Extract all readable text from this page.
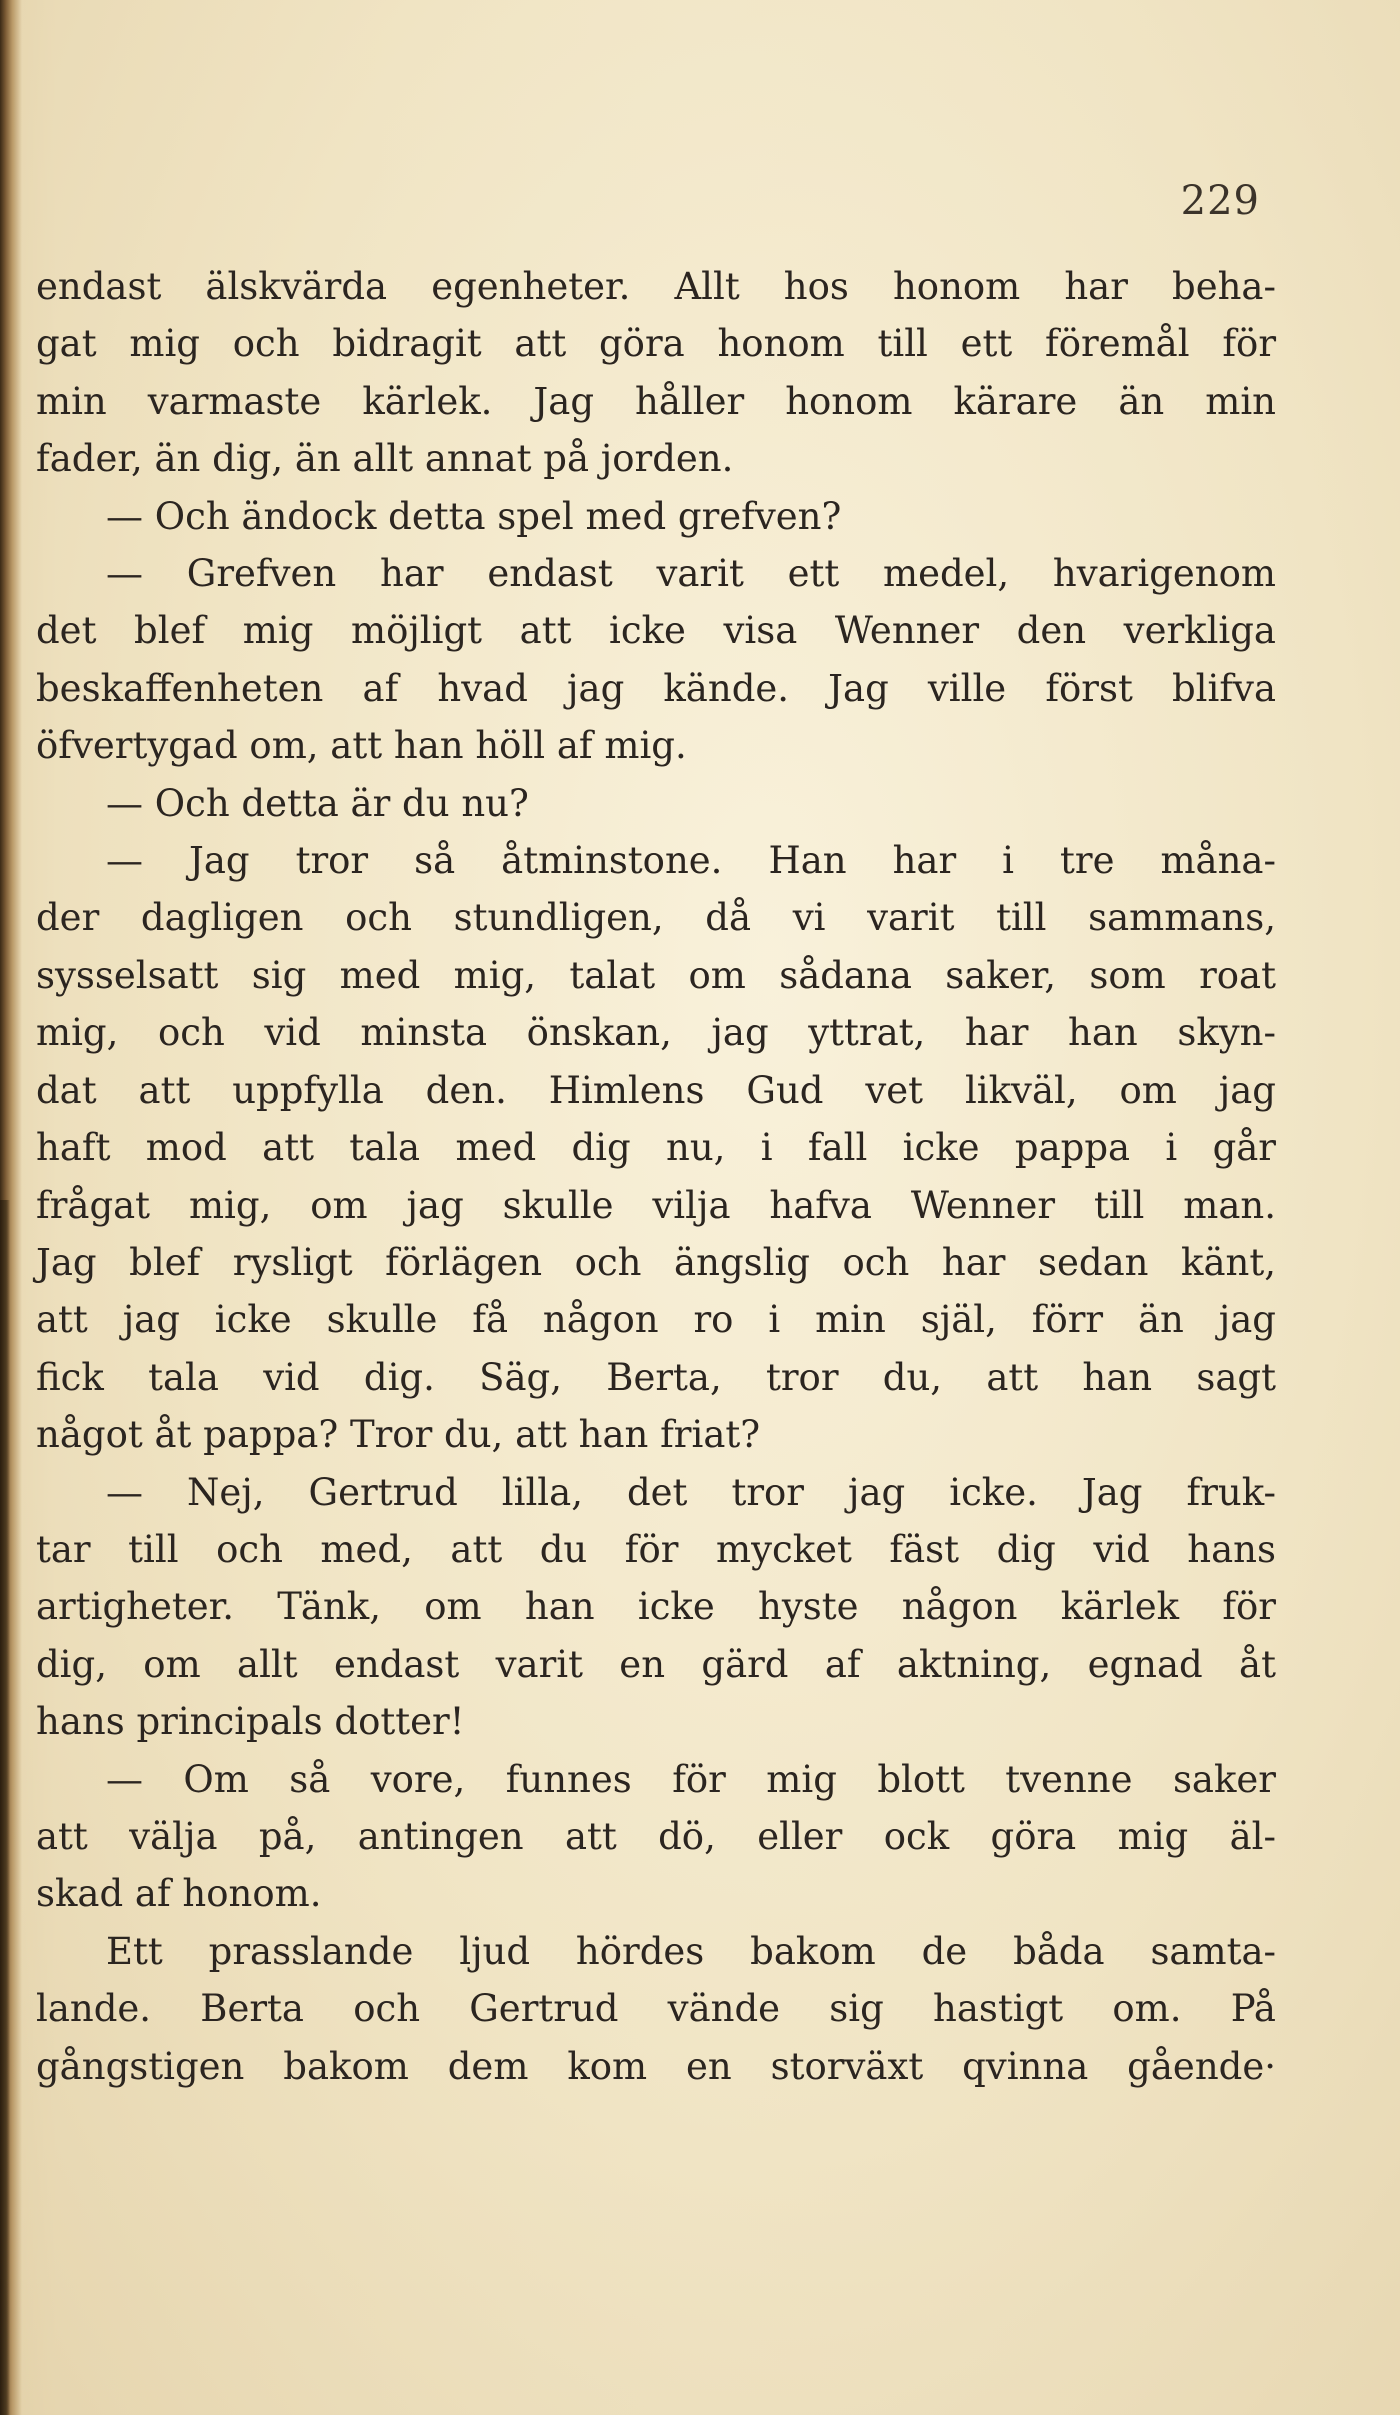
229

endast älskvärda egenheter. Allt hos honom har beha-
gat mig och bidragit att göra honom till ett föremål för
min varmaste kärlek. Jag håller honom kärare än min
fader, än dig, än allt annat på jorden.
— Och ändock detta spel med grefven?
— Grefven har endast varit ett medel, hvarigenom
det blef mig möjligt att icke visa Wenner den verkliga
beskaffenheten af hvad jag kände. Jag ville först blifva
öfvertygad om, att han höll af mig.
— Och detta är du nu?
— Jag tror så åtminstone. Han har i tre måna-
der dagligen och stundligen, då vi varit till sammans,
sysselsatt sig med mig, talat om sådana saker, som roat
mig, och vid minsta önskan, jag yttrat, har han skyn-
dat att uppfylla den. Himlens Gud vet likväl, om jag
haft mod att tala med dig nu, i fall icke pappa i går
frågat mig, om jag skulle vilja hafva Wenner till man.
Jag blef rysligt förlägen och ängslig och har sedan känt,
att jag icke skulle få någon ro i min själ, förr än jag
fick tala vid dig. Säg, Berta, tror du, att han sagt
något åt pappa? Tror du, att han friat?
— Nej, Gertrud lilla, det tror jag icke. Jag fruk-
tar till och med, att du för mycket fäst dig vid hans
artigheter. Tänk, om han icke hyste någon kärlek för
dig, om allt endast varit en gärd af aktning, egnad åt
hans principals dotter!
— Om så vore, funnes för mig blott tvenne saker
att välja på, antingen att dö, eller ock göra mig äl-
skad af honom.
Ett prasslande ljud hördes bakom de båda samta-
lande. Berta och Gertrud vände sig hastigt om. På
gångstigen bakom dem kom en storväxt qvinna gående·
